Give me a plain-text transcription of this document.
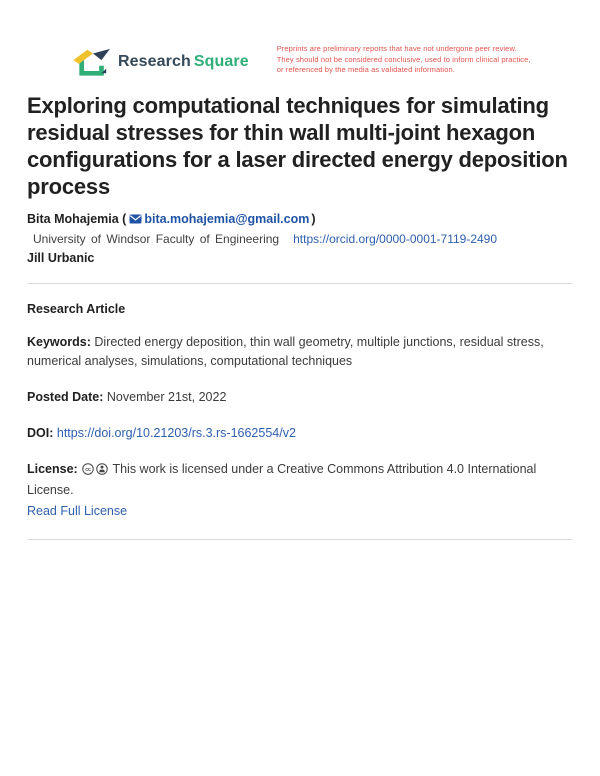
Research Square
Preprints are preliminary reports that have not undergone peer review.
They should not be considered conclusive, used to inform clinical practice,
or referenced by the media as validated information.
Exploring computational techniques for simulating residual stresses for thin wall multi-joint hexagon configurations for a laser directed energy deposition process

Bita Mohajemia ( bita.mohajemia@gmail.com )

University of Windsor Faculty of Engineering https://orcid.org/0000-0001-7119-2490

Jill Urbanic

Research Article

Keywords: Directed energy deposition, thin wall geometry, multiple junctions, residual stress, numerical analyses, simulations, computational techniques

Posted Date: November 21st, 2022

DOI: https://doi.org/10.21203/rs.3.rs-1662554/v2

License: cc This work is licensed under a Creative Commons Attribution 4.0 International License.

Read Full License
